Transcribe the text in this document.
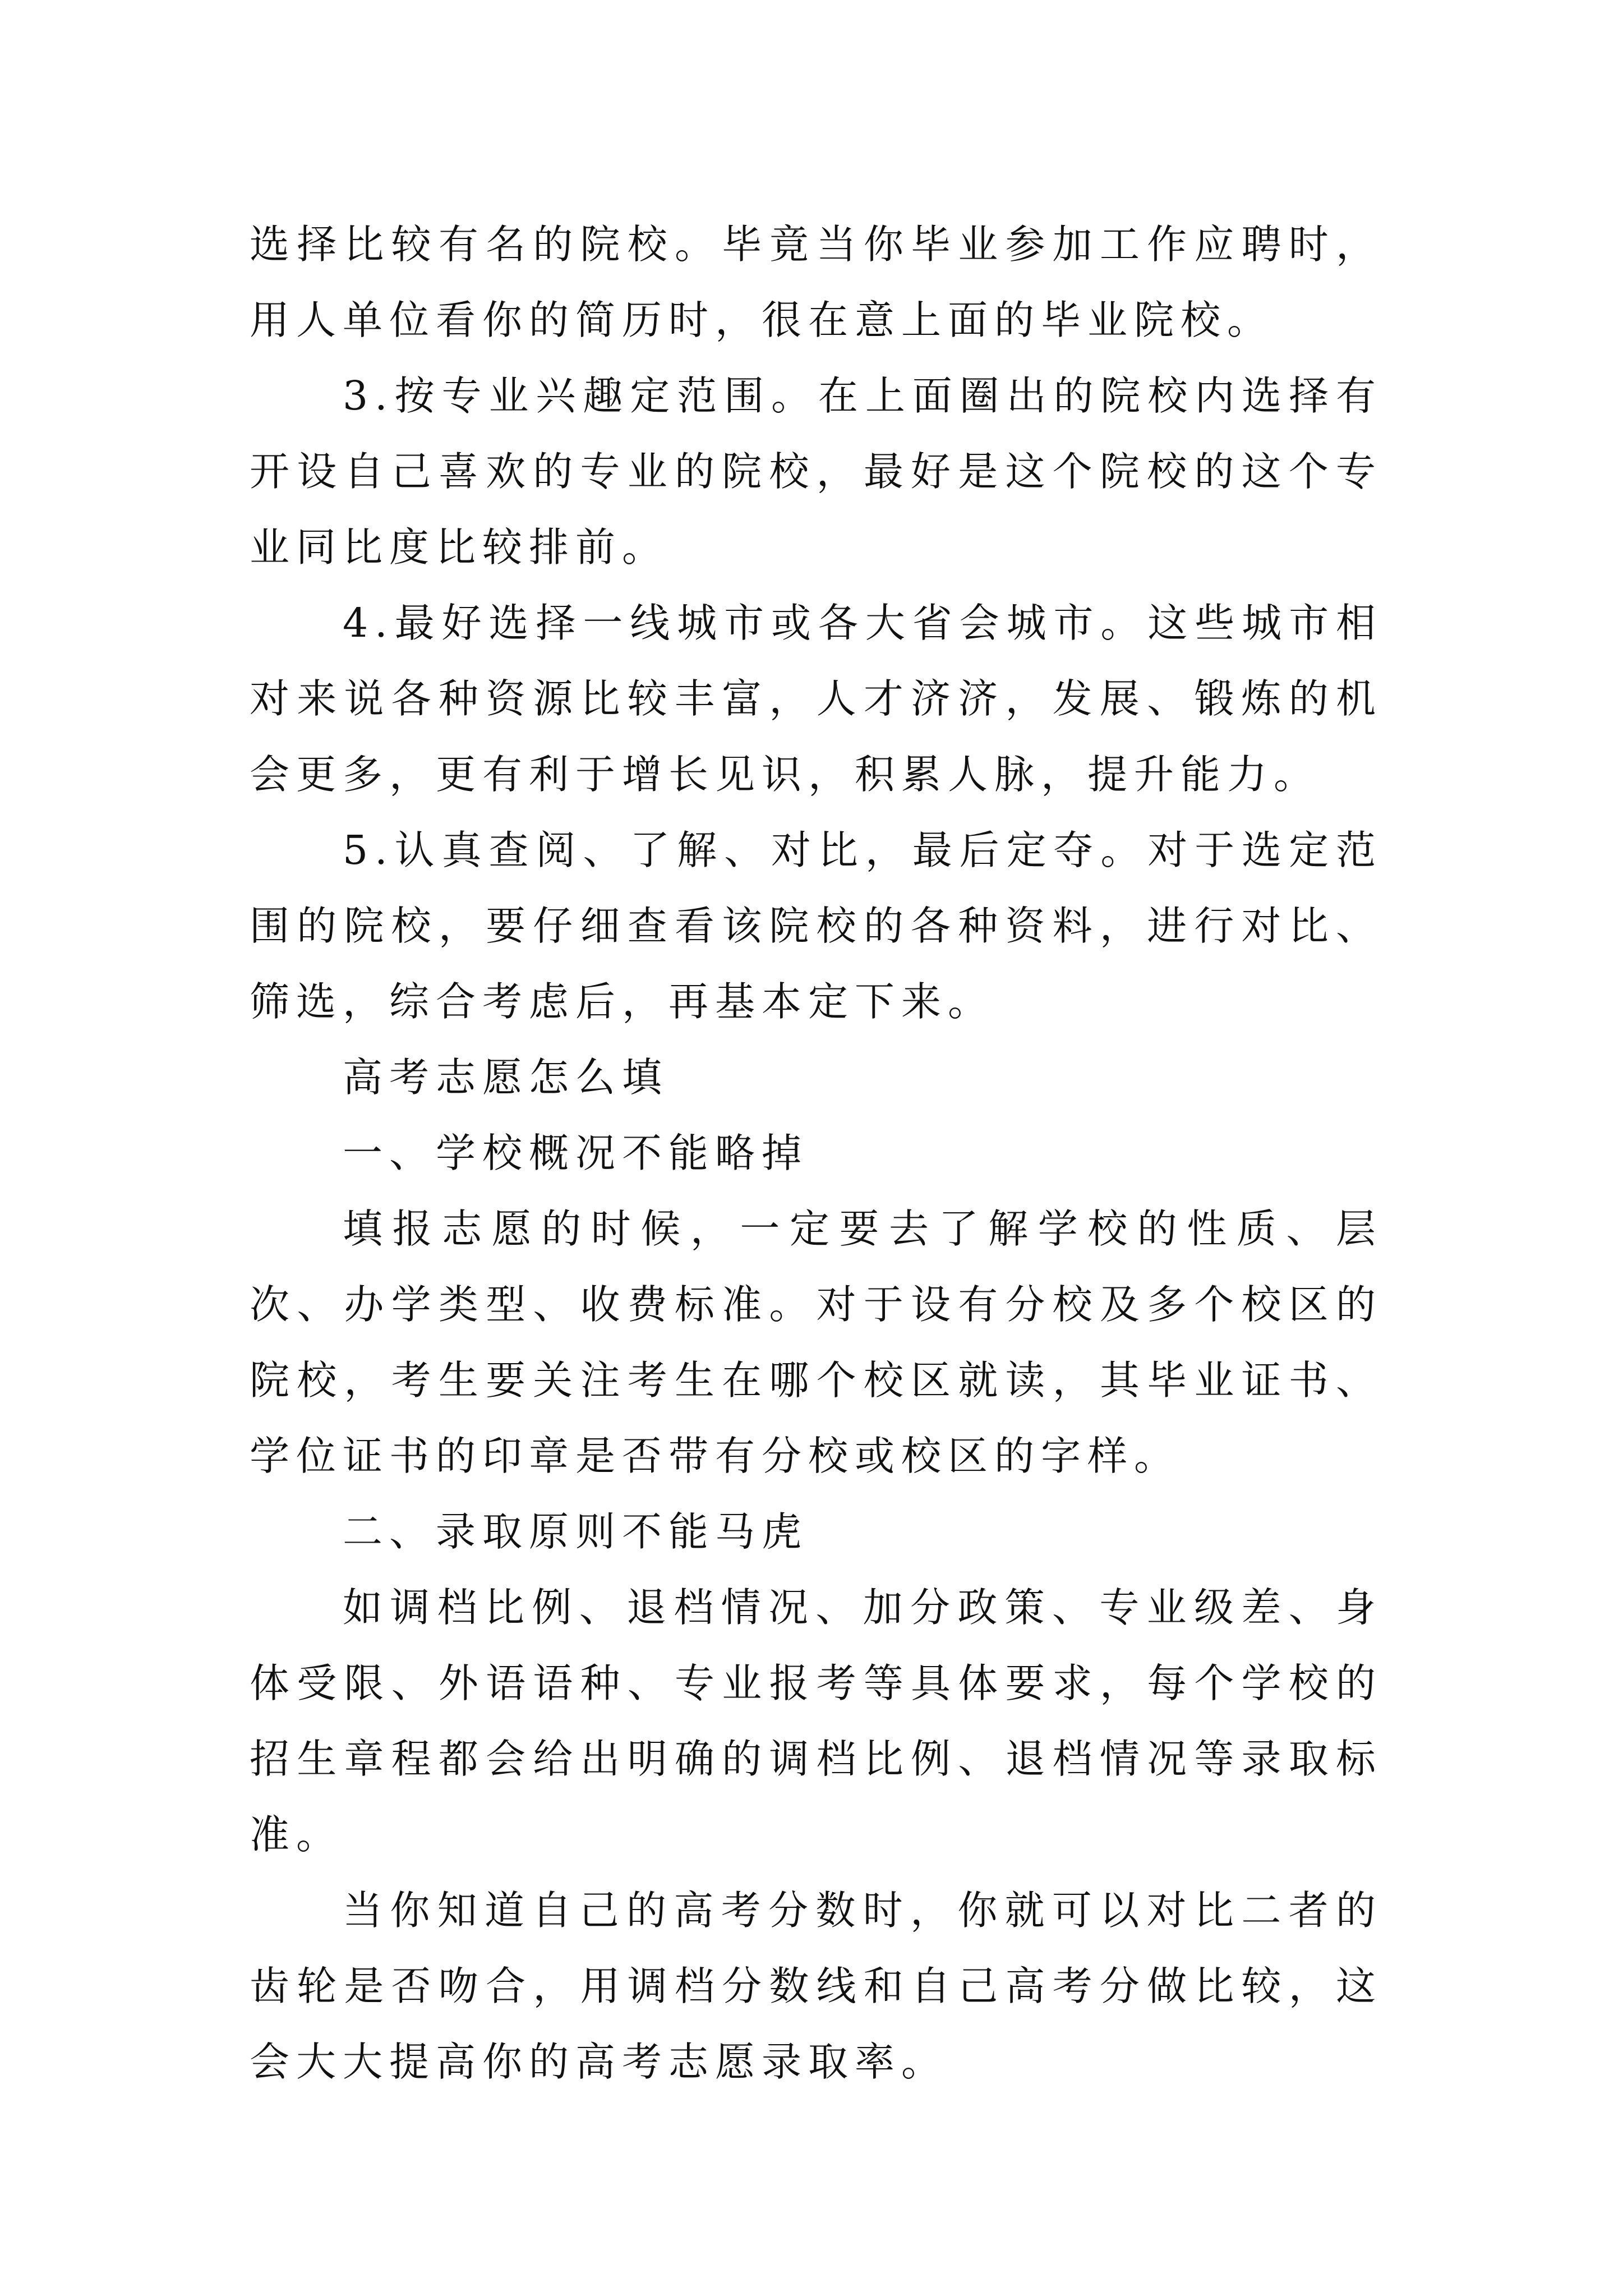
选择比较有名的院校。毕竟当你毕业参加工作应聘时，用人单位看你的简历时，很在意上面的毕业院校。

3.按专业兴趣定范围。在上面圈出的院校内选择有开设自己喜欢的专业的院校，最好是这个院校的这个专业同比度比较排前。

4.最好选择一线城市或各大省会城市。这些城市相对来说各种资源比较丰富，人才济济，发展、锻炼的机会更多，更有利于增长见识，积累人脉，提升能力。

5.认真查阅、了解、对比，最后定夺。对于选定范围的院校，要仔细查看该院校的各种资料，进行对比、筛选，综合考虑后，再基本定下来。

高考志愿怎么填

一、学校概况不能略掉

填报志愿的时候，一定要去了解学校的性质、层次、办学类型、收费标准。对于设有分校及多个校区的院校，考生要关注考生在哪个校区就读，其毕业证书、学位证书的印章是否带有分校或校区的字样。

二、录取原则不能马虎

如调档比例、退档情况、加分政策、专业级差、身体受限、外语语种、专业报考等具体要求，每个学校的招生章程都会给出明确的调档比例、退档情况等录取标准。

当你知道自己的高考分数时，你就可以对比二者的齿轮是否吻合，用调档分数线和自己高考分做比较，这会大大提高你的高考志愿录取率。
